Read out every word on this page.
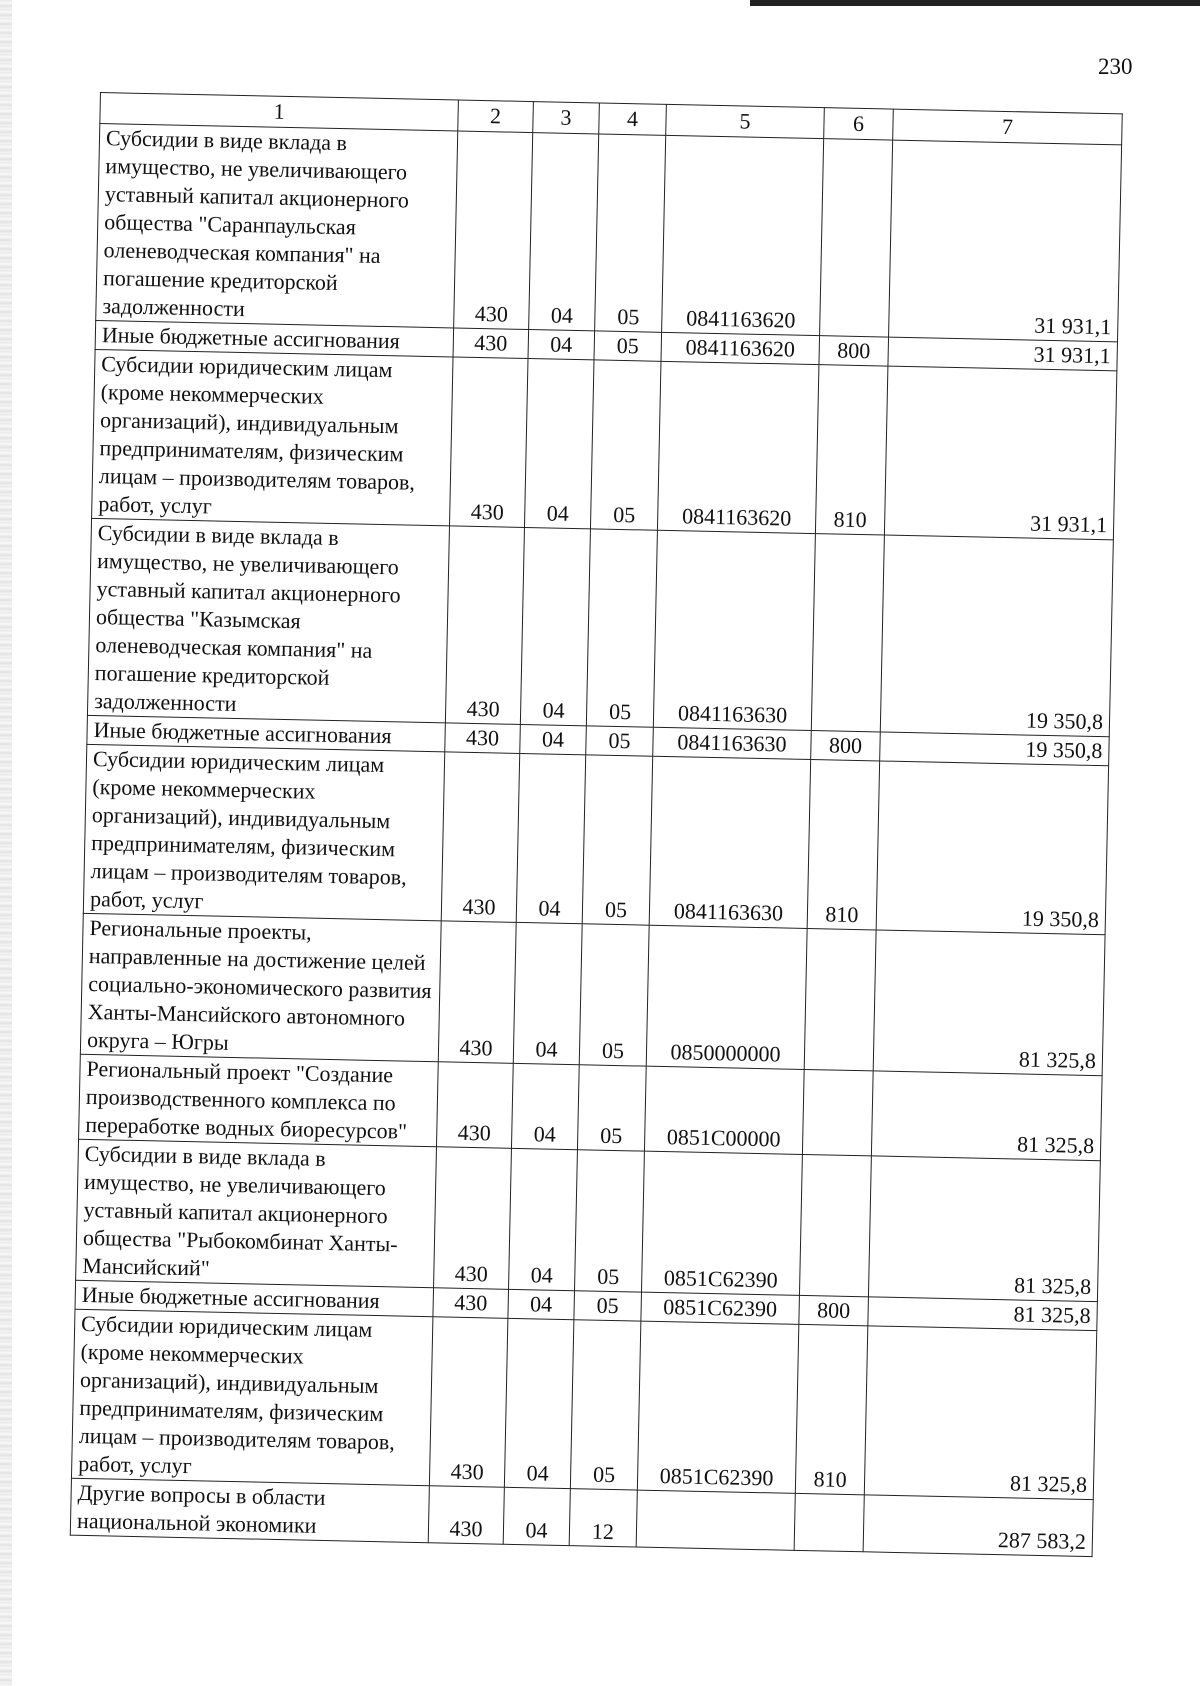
230
1	2	3	4	5	6	7
Субсидии в виде вклада в имущество, не увеличивающего уставный капитал акционерного общества "Саранпаульская оленеводческая компания" на погашение кредиторской задолженности	430	04	05	0841163620		31 931,1
Иные бюджетные ассигнования	430	04	05	0841163620	800	31 931,1
Субсидии юридическим лицам (кроме некоммерческих организаций), индивидуальным предпринимателям, физическим лицам – производителям товаров, работ, услуг	430	04	05	0841163620	810	31 931,1
Субсидии в виде вклада в имущество, не увеличивающего уставный капитал акционерного общества "Казымская оленеводческая компания" на погашение кредиторской задолженности	430	04	05	0841163630		19 350,8
Иные бюджетные ассигнования	430	04	05	0841163630	800	19 350,8
Субсидии юридическим лицам (кроме некоммерческих организаций), индивидуальным предпринимателям, физическим лицам – производителям товаров, работ, услуг	430	04	05	0841163630	810	19 350,8
Региональные проекты, направленные на достижение целей социально-экономического развития Ханты-Мансийского автономного округа – Югры	430	04	05	0850000000		81 325,8
Региональный проект "Создание производственного комплекса по переработке водных биоресурсов"	430	04	05	0851C00000		81 325,8
Субсидии в виде вклада в имущество, не увеличивающего уставный капитал акционерного общества "Рыбокомбинат Ханты-Мансийский"	430	04	05	0851C62390		81 325,8
Иные бюджетные ассигнования	430	04	05	0851C62390	800	81 325,8
Субсидии юридическим лицам (кроме некоммерческих организаций), индивидуальным предпринимателям, физическим лицам – производителям товаров, работ, услуг	430	04	05	0851C62390	810	81 325,8
Другие вопросы в области национальной экономики	430	04	12			287 583,2
